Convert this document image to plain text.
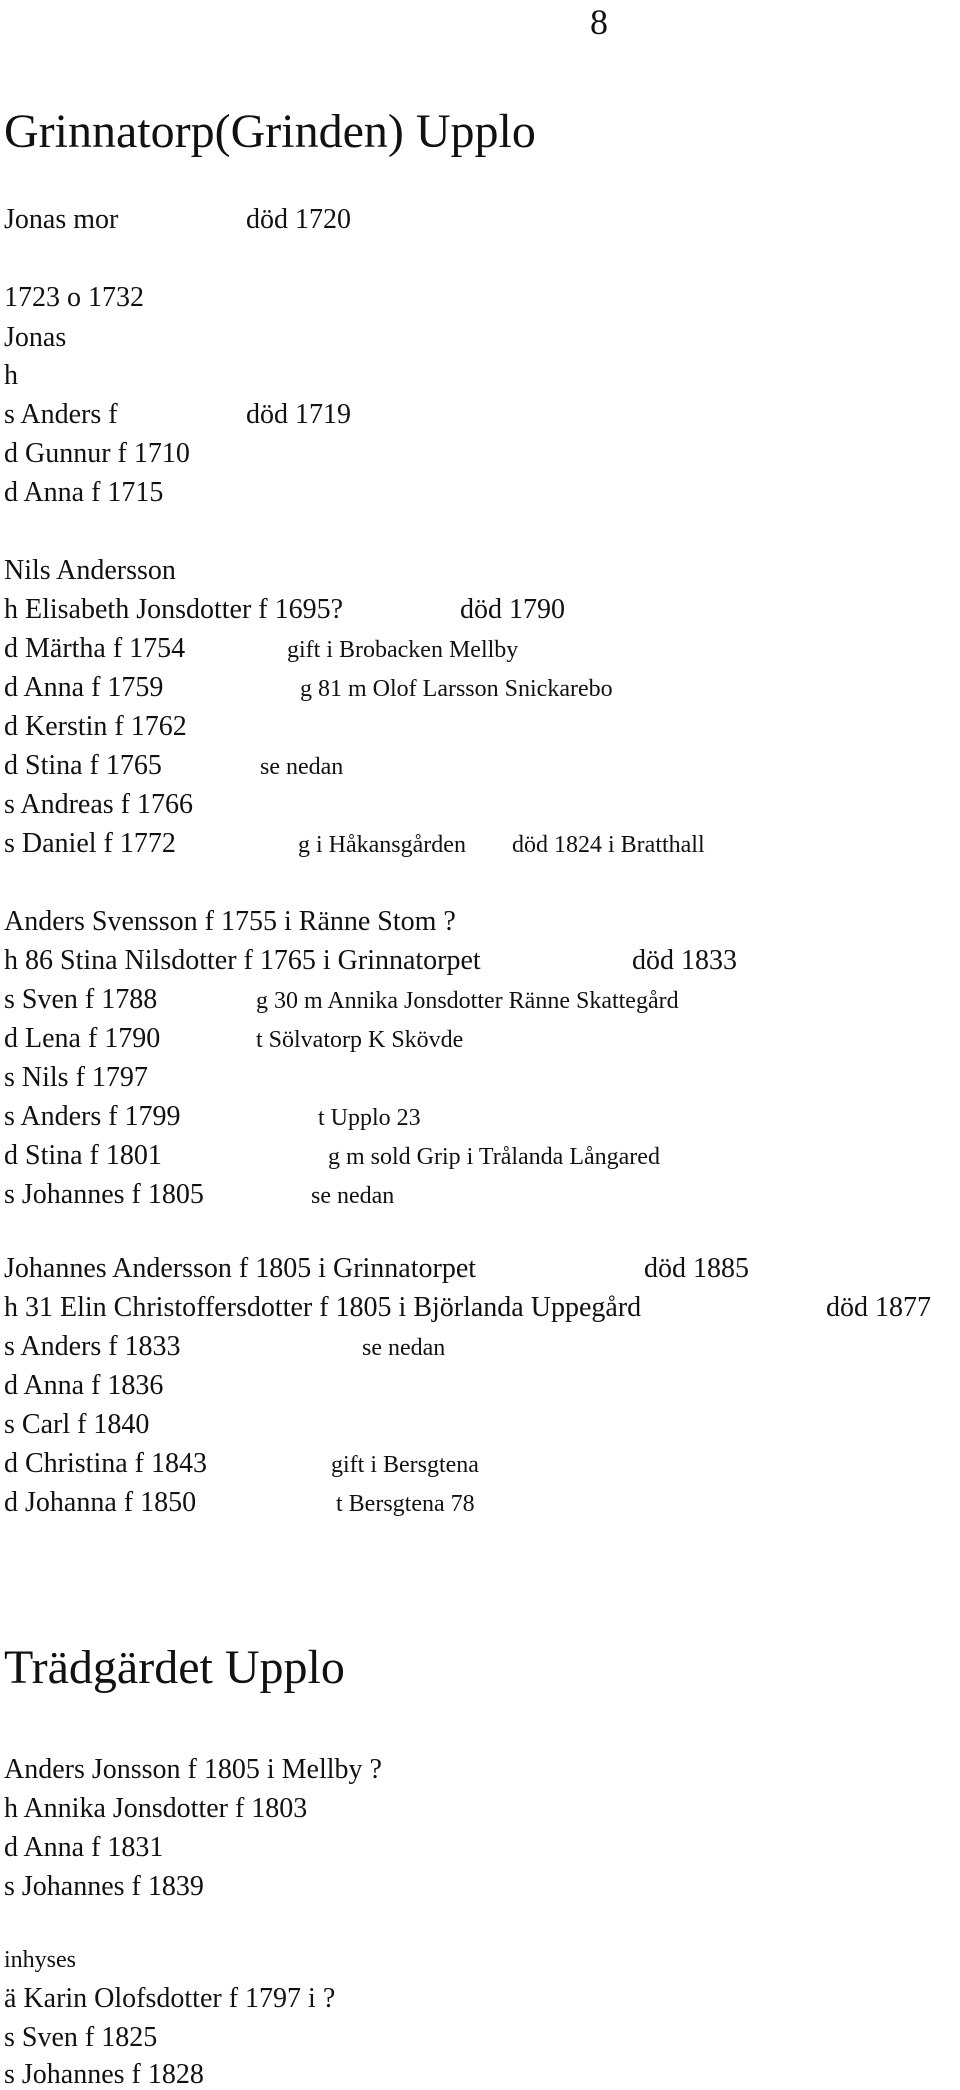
8
Grinnatorp(Grinden) Upplo
Jonas mor	död 1720
1723 o 1732
Jonas
h
s Anders f	död 1719
d Gunnur f 1710
d Anna f 1715
Nils Andersson
h Elisabeth Jonsdotter f 1695?	död 1790
d Märtha f 1754	gift i Brobacken Mellby
d Anna f 1759	g 81 m Olof Larsson Snickarebo
d Kerstin f 1762
d Stina f 1765	se nedan
s Andreas f 1766
s Daniel f 1772	g i Håkansgården död 1824 i Bratthall
Anders Svensson f 1755 i Ränne Stom ?
h 86 Stina Nilsdotter f 1765 i Grinnatorpet	död 1833
s Sven f 1788	g 30 m Annika Jonsdotter Ränne Skattegård
d Lena f 1790	t Sölvatorp K Skövde
s Nils f 1797
s Anders f 1799	t Upplo 23
d Stina f 1801	g m sold Grip i Trålanda Långared
s Johannes f 1805	se nedan
Johannes Andersson f 1805 i Grinnatorpet	död 1885
h 31 Elin Christoffersdotter f 1805 i Björlanda Uppegård	död 1877
s Anders f 1833	se nedan
d Anna f 1836
s Carl f 1840
d Christina f 1843	gift i Bersgtena
d Johanna f 1850	t Bersgtena 78
Trädgärdet Upplo
Anders Jonsson f 1805 i Mellby ?
h Annika Jonsdotter f 1803
d Anna f 1831
s Johannes f 1839
inhyses
ä Karin Olofsdotter f 1797 i ?
s Sven f 1825
s Johannes f 1828
